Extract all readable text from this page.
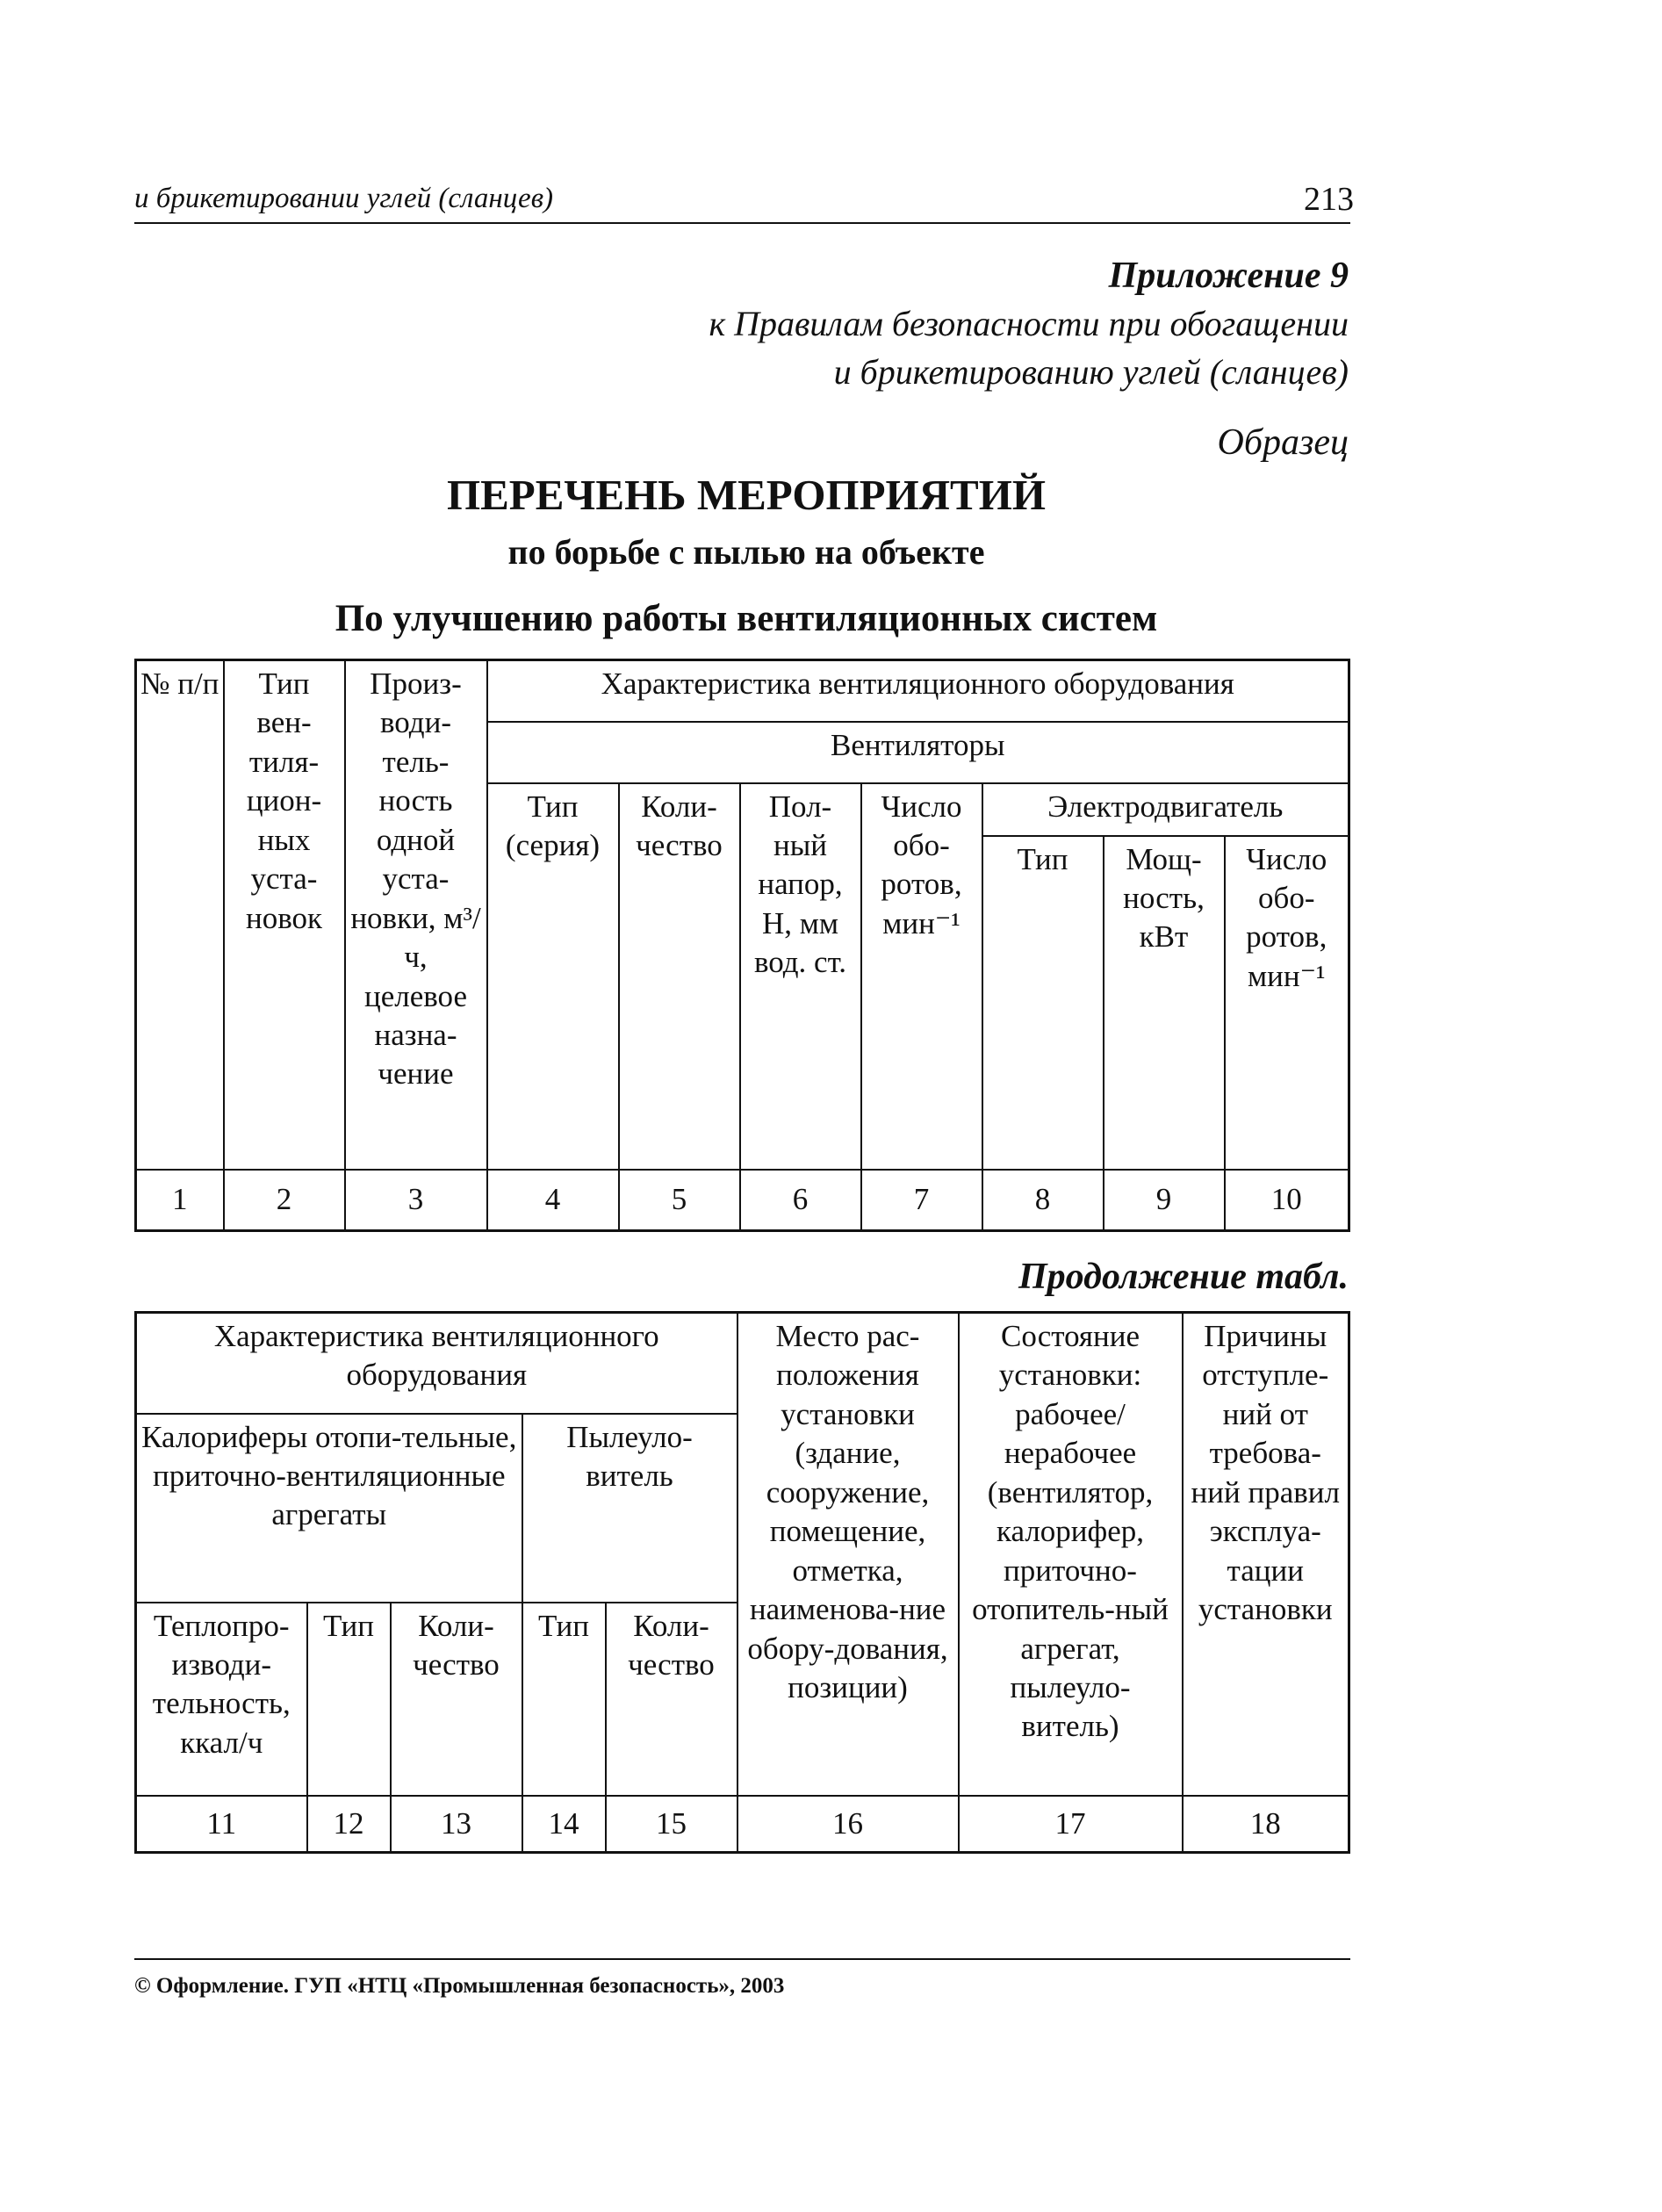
и брикетировании углей (сланцев)	213
Приложение 9
к Правилам безопасности при обогащении
и брикетированию углей (сланцев)
Образец
ПЕРЕЧЕНЬ МЕРОПРИЯТИЙ
по борьбе с пылью на объекте
По улучшению работы вентиляционных систем
№ п/п	Тип вен-тиля-цион-ных уста-новок	Произ-води-тель-ность одной уста-новки, м³/ч, целевое назна-чение	Характеристика вентиляционного оборудования						
			Вентиляторы						
			Тип (серия)	Коли-чество	Пол-ный напор, Н, мм вод. ст.	Число обо-ротов, мин⁻¹	Электродвигатель		
							Тип	Мощ-ность, кВт	Число обо-ротов, мин⁻¹
1	2	3	4	5	6	7	8	9	10
Продолжение табл.
Характеристика вентиляционного оборудования					Место рас-положения установки (здание, сооружение, помещение, отметка, наименова-ние обору-дования, позиции)	Состояние установки: рабочее/ нерабочее (вентилятор, калорифер, приточно-отопитель-ный агрегат, пылеуло-витель)	Причины отступле-ний от требова-ний правил эксплуа-тации установки
Калориферы отопи-тельные, приточно-вентиляционные агрегаты			Пылеуло-витель				
Теплопро-изводи-тельность, ккал/ч	Тип	Коли-чество	Тип	Коли-чество			
11	12	13	14	15	16	17	18
© Оформление. ГУП «НТЦ «Промышленная безопасность», 2003
